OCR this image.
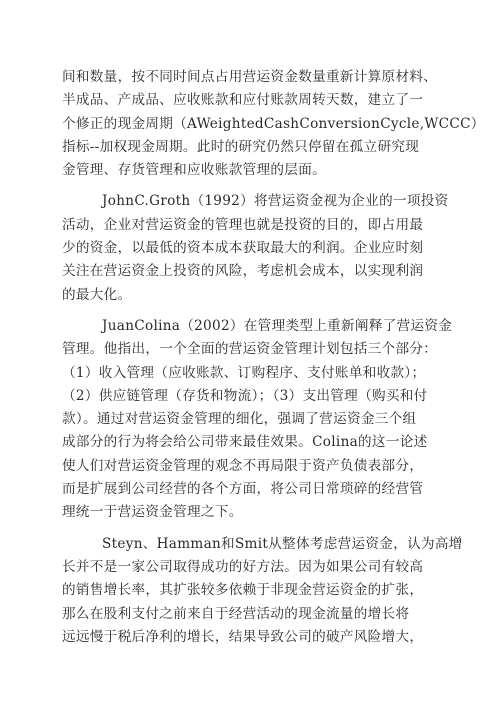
间和数量，按不同时间点占用营运资金数量重新计算原材料、
半成品、产成品、应收账款和应付账款周转天数，建立了一
个修正的现金周期（AWeightedCashConversionCycle,WCCC）
指标--加权现金周期。此时的研究仍然只停留在孤立研究现
金管理、存货管理和应收账款管理的层面。
JohnC.Groth（1992）将营运资金视为企业的一项投资
活动，企业对营运资金的管理也就是投资的目的，即占用最
少的资金，以最低的资本成本获取最大的利润。企业应时刻
关注在营运资金上投资的风险，考虑机会成本，以实现利润
的最大化。
JuanColina（2002）在管理类型上重新阐释了营运资金
管理。他指出，一个全面的营运资金管理计划包括三个部分：
（1）收入管理（应收账款、订购程序、支付账单和收款）；
（2）供应链管理（存货和物流）；（3）支出管理（购买和付
款）。通过对营运资金管理的细化，强调了营运资金三个组
成部分的行为将会给公司带来最佳效果。Colina的这一论述
使人们对营运资金管理的观念不再局限于资产负债表部分，
而是扩展到公司经营的各个方面，将公司日常琐碎的经营管
理统一于营运资金管理之下。
Steyn、Hamman和Smit从整体考虑营运资金，认为高增
长并不是一家公司取得成功的好方法。因为如果公司有较高
的销售增长率，其扩张较多依赖于非现金营运资金的扩张，
那么在股利支付之前来自于经营活动的现金流量的增长将
远远慢于税后净利的增长，结果导致公司的破产风险增大，
